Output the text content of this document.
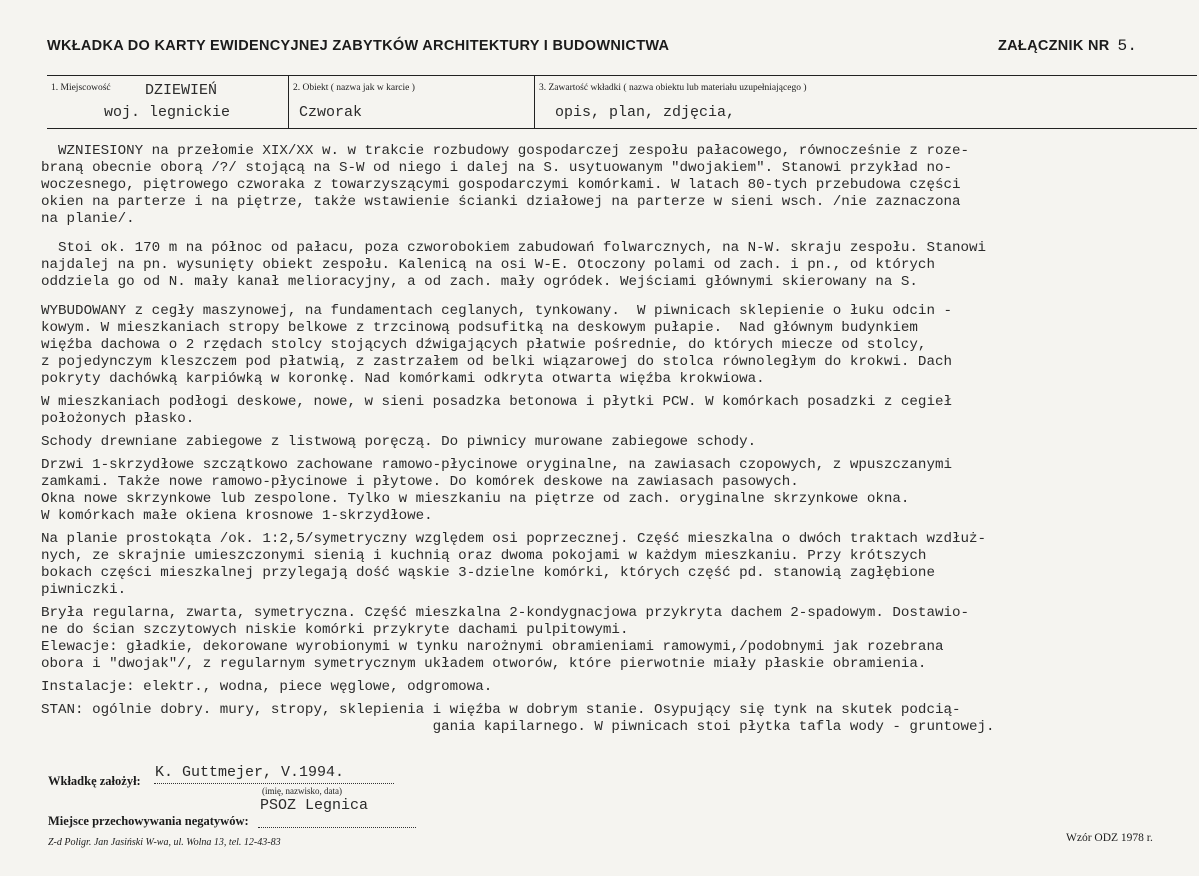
WKŁADKA DO KARTY EWIDENCYJNEJ ZABYTKÓW ARCHITEKTURY I BUDOWNICTWA	ZAŁĄCZNIK NR 5.
1. Miejscowość DZIEWIEŃ
woj. legnickie
2. Obiekt ( nazwa jak w karcie )
Czworak
3. Zawartość wkładki ( nazwa obiektu lub materiału uzupełniającego )
opis, plan, zdjęcia,

WZNIESIONY na przełomie XIX/XX w. w trakcie rozbudowy gospodarczej zespołu pałacowego, równocześnie z roze-

braną obecnie oborą /?/ stojącą na S-W od niego i dalej na S. usytuowanym "dwojakiem". Stanowi przykład no-

woczesnego, piętrowego czworaka z towarzyszącymi gospodarczymi komórkami. W latach 80-tych przebudowa części

okien na parterze i na piętrze, także wstawienie ścianki działowej na parterze w sieni wsch. /nie zaznaczona

na planie/.

Stoi ok. 170 m na północ od pałacu, poza czworobokiem zabudowań folwarcznych, na N-W. skraju zespołu. Stanowi

najdalej na pn. wysunięty obiekt zespołu. Kalenicą na osi W-E. Otoczony polami od zach. i pn., od których

oddziela go od N. mały kanał melioracyjny, a od zach. mały ogródek. Wejściami głównymi skierowany na S.

WYBUDOWANY z cegły maszynowej, na fundamentach ceglanych, tynkowany.  W piwnicach sklepienie o łuku odcin -

kowym. W mieszkaniach stropy belkowe z trzcinową podsufitką na deskowym pułapie.  Nad głównym budynkiem

więźba dachowa o 2 rzędach stolcy stojących dźwigających płatwie pośrednie, do których miecze od stolcy,

z pojedynczym kleszczem pod płatwią, z zastrzałem od belki wiązarowej do stolca równoległym do krokwi. Dach

pokryty dachówką karpiówką w koronkę. Nad komórkami odkryta otwarta więźba krokwiowa.

W mieszkaniach podłogi deskowe, nowe, w sieni posadzka betonowa i płytki PCW. W komórkach posadzki z cegieł

położonych płasko.

Schody drewniane zabiegowe z listwową poręczą. Do piwnicy murowane zabiegowe schody.

Drzwi 1-skrzydłowe szczątkowo zachowane ramowo-płycinowe oryginalne, na zawiasach czopowych, z wpuszczanymi

zamkami. Także nowe ramowo-płycinowe i płytowe. Do komórek deskowe na zawiasach pasowych.

Okna nowe skrzynkowe lub zespolone. Tylko w mieszkaniu na piętrze od zach. oryginalne skrzynkowe okna.

W komórkach małe okiena krosnowe 1-skrzydłowe.

Na planie prostokąta /ok. 1:2,5/symetryczny względem osi poprzecznej. Część mieszkalna o dwóch traktach wzdłuż-

nych, ze skrajnie umieszczonymi sienią i kuchnią oraz dwoma pokojami w każdym mieszkaniu. Przy krótszych

bokach części mieszkalnej przylegają dość wąskie 3-dzielne komórki, których część pd. stanowią zagłębione

piwniczki.

Bryła regularna, zwarta, symetryczna. Część mieszkalna 2-kondygnacjowa przykryta dachem 2-spadowym. Dostawio-

ne do ścian szczytowych niskie komórki przykryte dachami pulpitowymi.

Elewacje: gładkie, dekorowane wyrobionymi w tynku narożnymi obramieniami ramowymi,/podobnymi jak rozebrana

obora i "dwojak"/, z regularnym symetrycznym układem otworów, które pierwotnie miały płaskie obramienia.

Instalacje: elektr., wodna, piece węglowe, odgromowa.

STAN: ogólnie dobry. mury, stropy, sklepienia i więźba w dobrym stanie. Osypujący się tynk na skutek podcią-

gania kapilarnego. W piwnicach stoi płytka tafla wody - gruntowej.

Wkładkę założył: K. Guttmejer, V.1994.
(imię, nazwisko, data)
PSOZ Legnica
Miejsce przechowywania negatywów:
Z-d Poligr. Jan Jasiński W-wa, ul. Wolna 13, tel. 12-43-83	Wzór ODZ 1978 r.
